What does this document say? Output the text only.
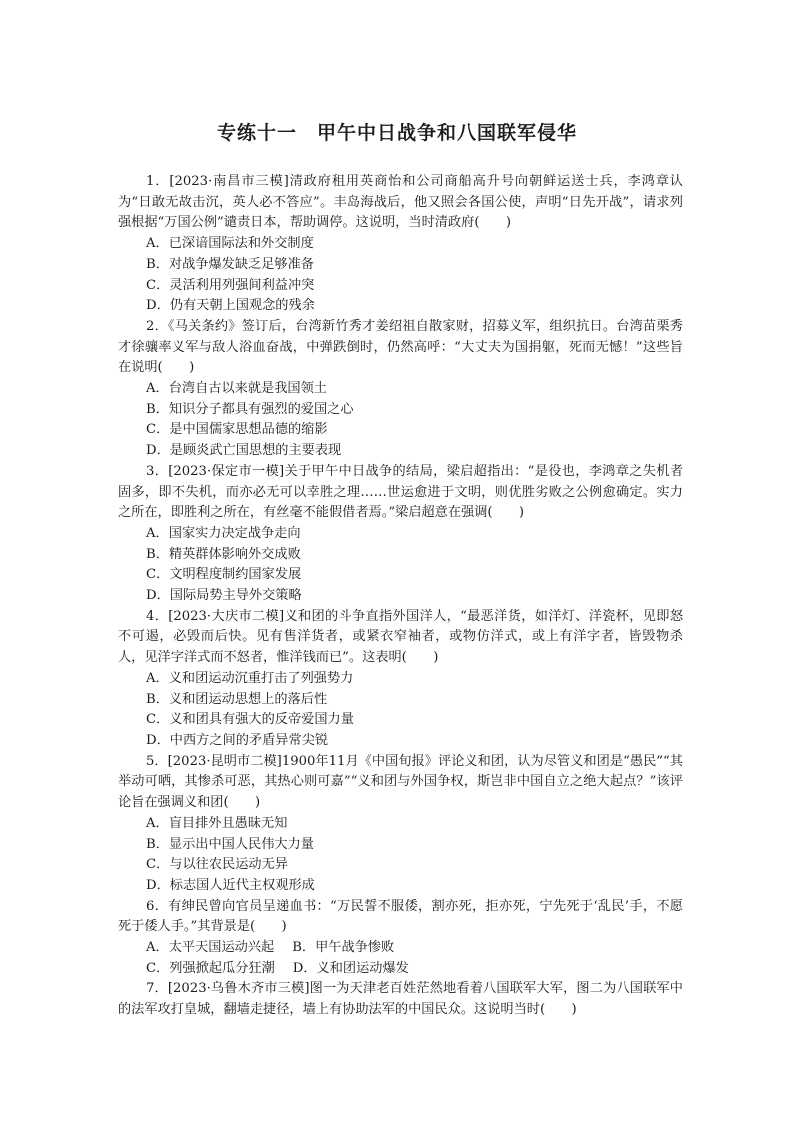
专练十一　甲午中日战争和八国联军侵华

1．[2023·南昌市三模]清政府租用英商怡和公司商船高升号向朝鲜运送士兵，李鸿章认为“日敢无故击沉，英人必不答应”。丰岛海战后，他又照会各国公使，声明“日先开战”，请求列强根据“万国公例”谴责日本，帮助调停。这说明，当时清政府(　　)

A．已深谙国际法和外交制度

B．对战争爆发缺乏足够准备

C．灵活利用列强间利益冲突

D．仍有天朝上国观念的残余

2．《马关条约》签订后，台湾新竹秀才姜绍祖自散家财，招募义军，组织抗日。台湾苗栗秀才徐骧率义军与敌人浴血奋战，中弹跌倒时，仍然高呼：“大丈夫为国捐躯，死而无憾！”这些旨在说明(　　)

A．台湾自古以来就是我国领土

B．知识分子都具有强烈的爱国之心

C．是中国儒家思想品德的缩影

D．是顾炎武亡国思想的主要表现

3．[2023·保定市一模]关于甲午中日战争的结局，梁启超指出：“是役也，李鸿章之失机者固多，即不失机，而亦必无可以幸胜之理……世运愈进于文明，则优胜劣败之公例愈确定。实力之所在，即胜利之所在，有丝毫不能假借者焉。”梁启超意在强调(　　)

A．国家实力决定战争走向

B．精英群体影响外交成败

C．文明程度制约国家发展

D．国际局势主导外交策略

4．[2023·大庆市二模]义和团的斗争直指外国洋人，“最恶洋货，如洋灯、洋瓷杯，见即怒不可遏，必毁而后快。见有售洋货者，或紧衣窄袖者，或物仿洋式，或上有洋字者，皆毁物杀人，见洋字洋式而不怒者，惟洋钱而已”。这表明(　　)

A．义和团运动沉重打击了列强势力

B．义和团运动思想上的落后性

C．义和团具有强大的反帝爱国力量

D．中西方之间的矛盾异常尖锐

5．[2023·昆明市二模]1900年11月《中国旬报》评论义和团，认为尽管义和团是“愚民”“其举动可哂，其惨杀可恶，其热心则可嘉”“义和团与外国争权，斯岂非中国自立之绝大起点？”该评论旨在强调义和团(　　)

A．盲目排外且愚昧无知

B．显示出中国人民伟大力量

C．与以往农民运动无异

D．标志国人近代主权观形成

6．有绅民曾向官员呈递血书：“万民誓不服倭，割亦死，拒亦死，宁先死于‘乱民’手，不愿死于倭人手。”其背景是(　　)

A．太平天国运动兴起 B．甲午战争惨败

C．列强掀起瓜分狂潮 D．义和团运动爆发

7．[2023·乌鲁木齐市三模]图一为天津老百姓茫然地看着八国联军大军，图二为八国联军中的法军攻打皇城，翻墙走捷径，墙上有协助法军的中国民众。这说明当时(　　)
